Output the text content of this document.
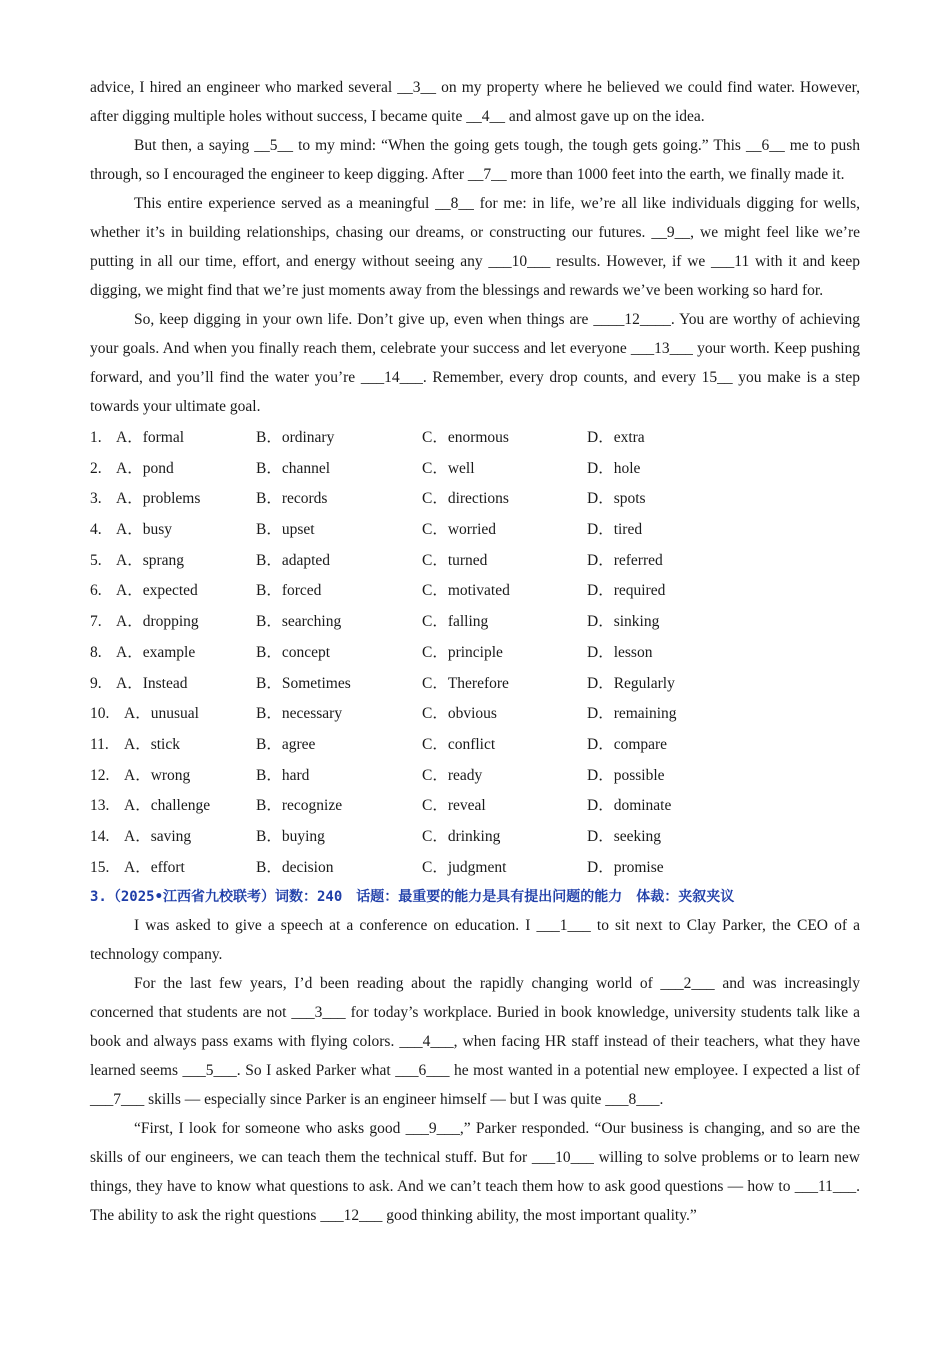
advice, I hired an engineer who marked several __3__ on my property where he believed we could find water. However, after digging multiple holes without success, I became quite __4__ and almost gave up on the idea.

But then, a saying __5__ to my mind: “When the going gets tough, the tough gets going.” This __6__ me to push through, so I encouraged the engineer to keep digging. After __7__ more than 1000 feet into the earth, we finally made it.

This entire experience served as a meaningful __8__ for me: in life, we’re all like individuals digging for wells, whether it’s in building relationships, chasing our dreams, or constructing our futures. __9__, we might feel like we’re putting in all our time, effort, and energy without seeing any ___10___ results. However, if we ___11 with it and keep digging, we might find that we’re just moments away from the blessings and rewards we’ve been working so hard for.

So, keep digging in your own life. Don’t give up, even when things are ____12____. You are worthy of achieving your goals. And when you finally reach them, celebrate your success and let everyone ___13___ your worth. Keep pushing forward, and you’ll find the water you’re ___14___. Remember, every drop counts, and every 15__ you make is a step towards your ultimate goal.

1. A．formal	B．ordinary	C．enormous	D．extra
2. A．pond	B．channel	C．well	D．hole
3. A．problems	B．records	C．directions	D．spots
4. A．busy	B．upset	C．worried	D．tired
5. A．sprang	B．adapted	C．turned	D．referred
6. A．expected	B．forced	C．motivated	D．required
7. A．dropping	B．searching	C．falling	D．sinking
8. A．example	B．concept	C．principle	D．lesson
9. A．Instead	B．Sometimes	C．Therefore	D．Regularly
10. A．unusual	B．necessary	C．obvious	D．remaining
11. A．stick	B．agree	C．conflict	D．compare
12. A．wrong	B．hard	C．ready	D．possible
13. A．challenge	B．recognize	C．reveal	D．dominate
14. A．saving	B．buying	C．drinking	D．seeking
15. A．effort	B．decision	C．judgment	D．promise

3.（2025•江西省九校联考）词数：240　话题：最重要的能力是具有提出问题的能力　体裁：夹叙夹议

I was asked to give a speech at a conference on education. I ___1___ to sit next to Clay Parker, the CEO of a technology company.

For the last few years, I’d been reading about the rapidly changing world of ___2___ and was increasingly concerned that students are not ___3___ for today’s workplace. Buried in book knowledge, university students talk like a book and always pass exams with flying colors. ___4___, when facing HR staff instead of their teachers, what they have learned seems ___5___. So I asked Parker what ___6___ he most wanted in a potential new employee. I expected a list of ___7___ skills — especially since Parker is an engineer himself — but I was quite ___8___.

“First, I look for someone who asks good ___9___,” Parker responded. “Our business is changing, and so are the skills of our engineers, we can teach them the technical stuff. But for ___10___ willing to solve problems or to learn new things, they have to know what questions to ask. And we can’t teach them how to ask good questions — how to ___11___. The ability to ask the right questions ___12___ good thinking ability, the most important quality.”
